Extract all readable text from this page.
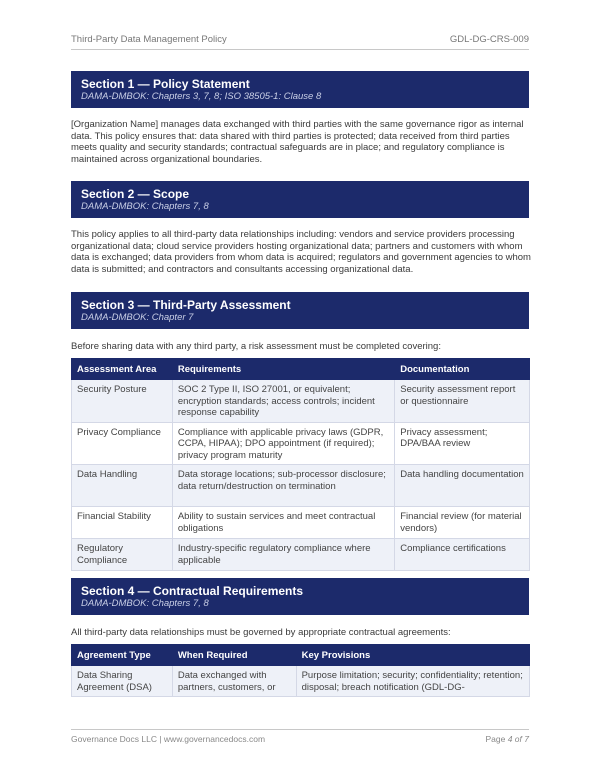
Third-Party Data Management Policy	GDL-DG-CRS-009
Section 1 — Policy Statement
DAMA-DMBOK: Chapters 3, 7, 8; ISO 38505-1: Clause 8
[Organization Name] manages data exchanged with third parties with the same governance rigor as internal data. This policy ensures that: data shared with third parties is protected; data received from third parties meets quality and security standards; contractual safeguards are in place; and regulatory compliance is maintained across organizational boundaries.
Section 2 — Scope
DAMA-DMBOK: Chapters 7, 8
This policy applies to all third-party data relationships including: vendors and service providers processing organizational data; cloud service providers hosting organizational data; partners and customers with whom data is exchanged; data providers from whom data is acquired; regulators and government agencies to whom data is submitted; and contractors and consultants accessing organizational data.
Section 3 — Third-Party Assessment
DAMA-DMBOK: Chapter 7
Before sharing data with any third party, a risk assessment must be completed covering:
Assessment Area	Requirements	Documentation
Security Posture	SOC 2 Type II, ISO 27001, or equivalent; encryption standards; access controls; incident response capability	Security assessment report or questionnaire
Privacy Compliance	Compliance with applicable privacy laws (GDPR, CCPA, HIPAA); DPO appointment (if required); privacy program maturity	Privacy assessment; DPA/BAA review
Data Handling	Data storage locations; sub-processor disclosure; data return/destruction on termination	Data handling documentation
Financial Stability	Ability to sustain services and meet contractual obligations	Financial review (for material vendors)
Regulatory Compliance	Industry-specific regulatory compliance where applicable	Compliance certifications
Section 4 — Contractual Requirements
DAMA-DMBOK: Chapters 7, 8
All third-party data relationships must be governed by appropriate contractual agreements:
Agreement Type	When Required	Key Provisions
Data Sharing Agreement (DSA)	Data exchanged with partners, customers, or	Purpose limitation; security; confidentiality; retention; disposal; breach notification (GDL-DG-
Governance Docs LLC | www.governancedocs.com	Page 4 of 7
